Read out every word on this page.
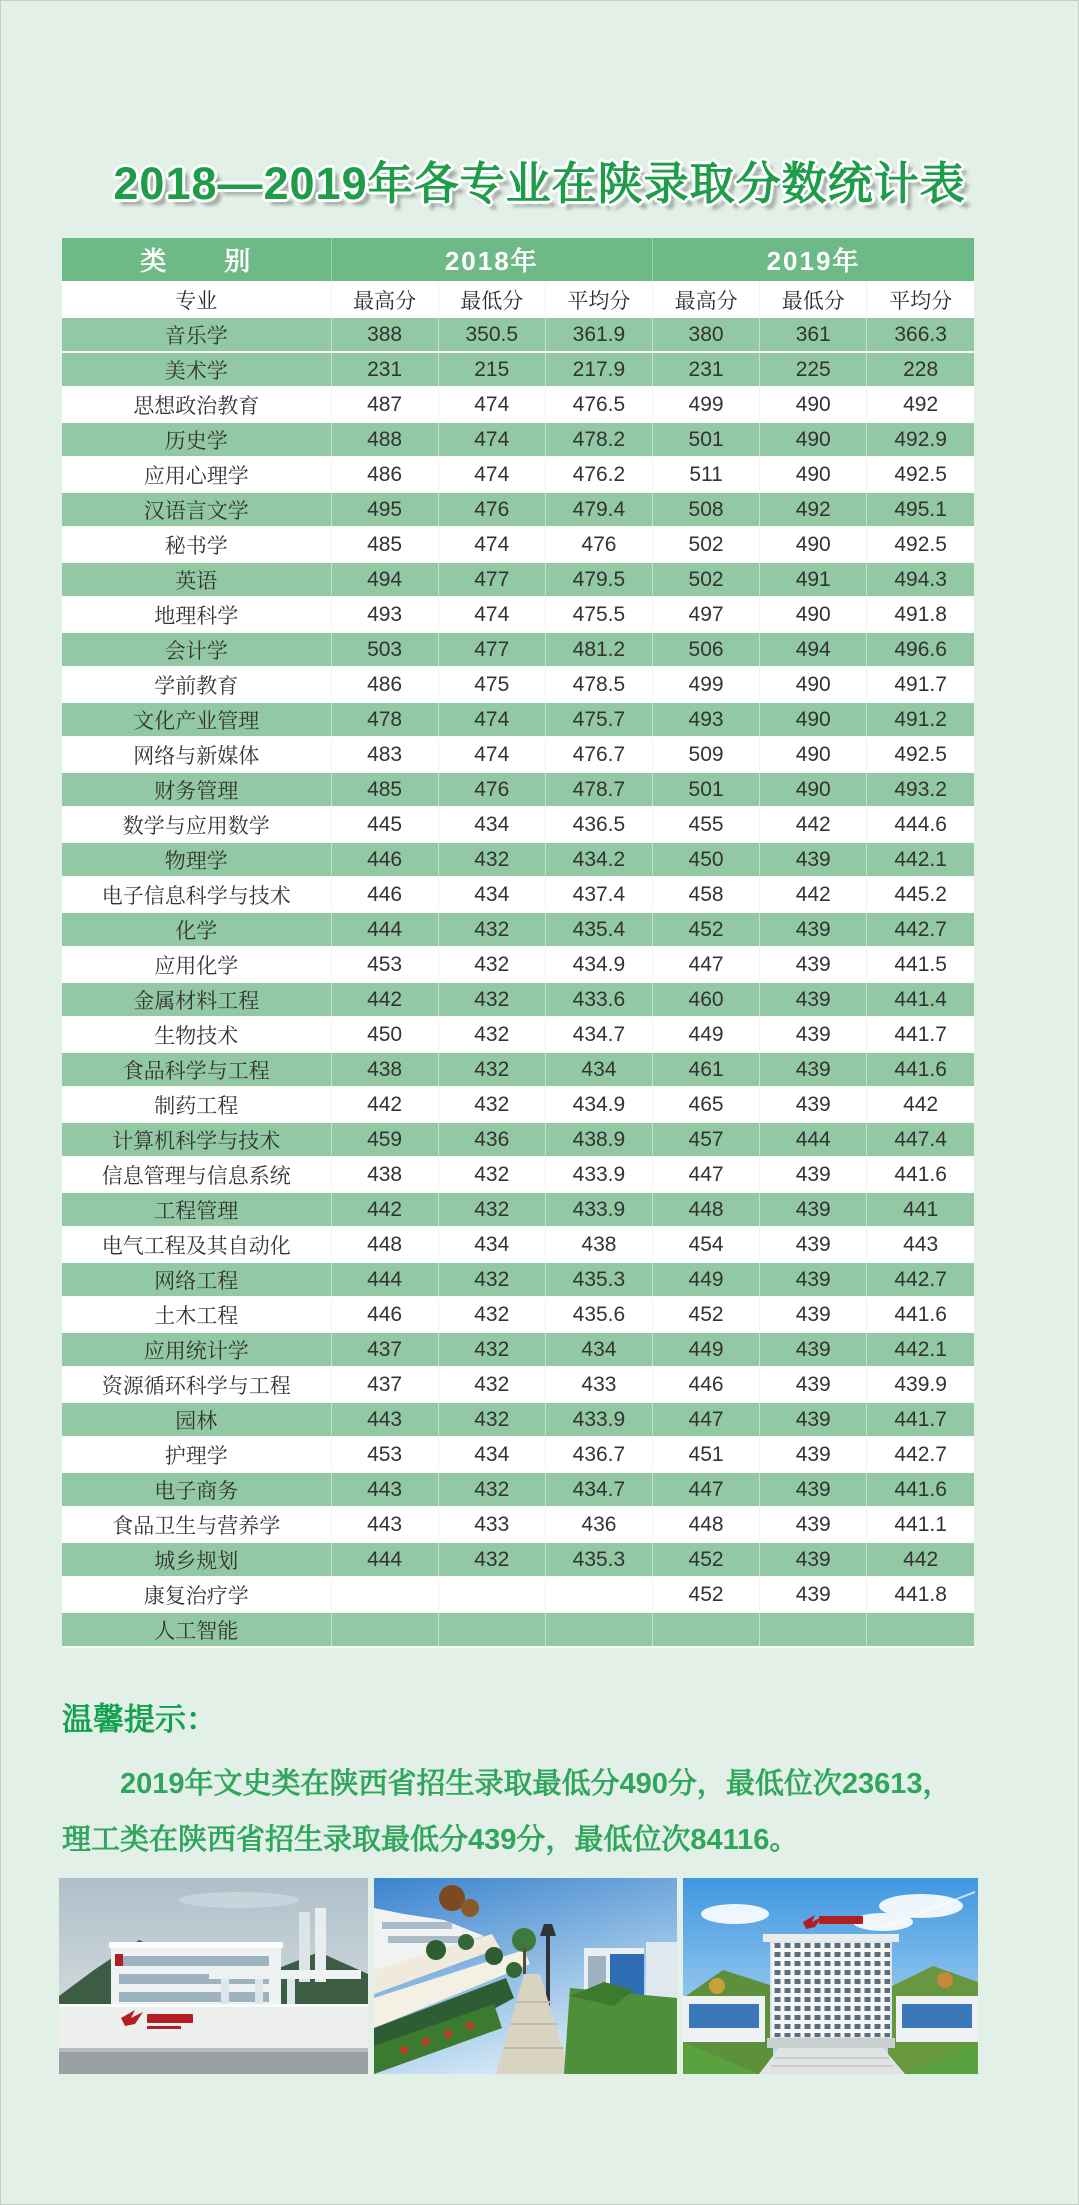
2018—2019年各专业在陕录取分数统计表
类　　别	2018年			2019年		
专业	最高分	最低分	平均分	最高分	最低分	平均分
音乐学	388	350.5	361.9	380	361	366.3
美术学	231	215	217.9	231	225	228
思想政治教育	487	474	476.5	499	490	492
历史学	488	474	478.2	501	490	492.9
应用心理学	486	474	476.2	511	490	492.5
汉语言文学	495	476	479.4	508	492	495.1
秘书学	485	474	476	502	490	492.5
英语	494	477	479.5	502	491	494.3
地理科学	493	474	475.5	497	490	491.8
会计学	503	477	481.2	506	494	496.6
学前教育	486	475	478.5	499	490	491.7
文化产业管理	478	474	475.7	493	490	491.2
网络与新媒体	483	474	476.7	509	490	492.5
财务管理	485	476	478.7	501	490	493.2
数学与应用数学	445	434	436.5	455	442	444.6
物理学	446	432	434.2	450	439	442.1
电子信息科学与技术	446	434	437.4	458	442	445.2
化学	444	432	435.4	452	439	442.7
应用化学	453	432	434.9	447	439	441.5
金属材料工程	442	432	433.6	460	439	441.4
生物技术	450	432	434.7	449	439	441.7
食品科学与工程	438	432	434	461	439	441.6
制药工程	442	432	434.9	465	439	442
计算机科学与技术	459	436	438.9	457	444	447.4
信息管理与信息系统	438	432	433.9	447	439	441.6
工程管理	442	432	433.9	448	439	441
电气工程及其自动化	448	434	438	454	439	443
网络工程	444	432	435.3	449	439	442.7
土木工程	446	432	435.6	452	439	441.6
应用统计学	437	432	434	449	439	442.1
资源循环科学与工程	437	432	433	446	439	439.9
园林	443	432	433.9	447	439	441.7
护理学	453	434	436.7	451	439	442.7
电子商务	443	432	434.7	447	439	441.6
食品卫生与营养学	443	433	436	448	439	441.1
城乡规划	444	432	435.3	452	439	442
康复治疗学				452	439	441.8
人工智能						
温馨提示：

2019年文史类在陕西省招生录取最低分490分，最低位次23613，理工类在陕西省招生录取最低分439分，最低位次84116。
